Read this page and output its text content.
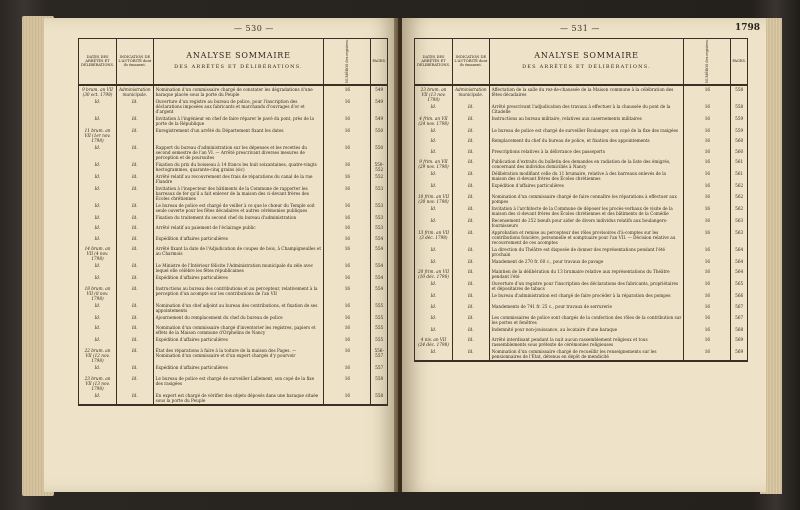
— 530 —
DATES DES ARRÊTÉS ET DÉLIBÉRATIONS.	INDICATION DE L'AUTORITÉ dont ils émanent.	ANALYSE SOMMAIRE
DES ARRÊTÉS ET DÉLIBÉRATIONS.	NUMÉROS des registres.	PAGES.
9 brum. an VII (30 oct. 1798)	Administration municipale.	Nomination d'un commissaire chargé de constater les dégradations d'une baraque placée sous la porte du Peuple	16	549
Id.	Id.	Ouverture d'un registre au bureau de police, pour l'inscription des déclarations imposées aux fabricants et marchands d'ouvrages d'or et d'argent	16	549
Id.	Id.	Invitation à l'ingénieur en chef de faire réparer le pavé du pont, près de la porte de la République	16	549
11 brum. an VII (1er nov. 1798)	Id.	Enregistrement d'un arrêté du Département fixant les dates	16	550
Id.	Id.	Rapport du bureau d'administration sur les dépenses et les recettes du second semestre de l'an VI. — Arrêté prescrivant diverses mesures de perception et de poursuites	16	550
Id.	Id.	Fixation du prix du boisseau à 14 francs les huit soixantaines, quatre-vingts hectogrammes, quarante-cinq grains (sic)	16	550-552
Id.	Id.	Arrêté relatif au recouvrement des frais de réparations du canal de la rue Flandre	16	552
Id.	Id.	Invitation à l'inspecteur des bâtiments de la Commune de rapporter les barreaux de fer qu'il a fait enlever de la maison des ci-devant frères des Écoles chrétiennes	16	553
Id.	Id.	Le bureau de police est chargé de veiller à ce que le chœur du Temple soit seule ouverte pour les fêtes décadaires et autres cérémonies publiques	16	553
Id.	Id.	Fixation du traitement du second chef du bureau d'administration	16	553
Id.	Id.	Arrêté relatif au paiement de l'éclairage public	16	553
Id.	Id.	Expédition d'affaires particulières	16	554
14 brum. an VII (4 nov. 1798)	Id.	Arrêté fixant la date de l'Adjudication de coupes de bois, à Champigneulles et au Charmois	16	554
Id.	Id.	Le Ministre de l'Intérieur félicite l'Administration municipale du zèle avec lequel elle célèbre les fêtes républicaines	16	554
Id.	Id.	Expédition d'affaires particulières	16	554
18 brum. an VII (8 nov. 1798)	Id.	Instructions au bureau des contributions et au percepteur, relativement à la perception d'un acompte sur les contributions de l'an VII	16	554
Id.	Id.	Nomination d'un chef adjoint au bureau des contributions, et fixation de ses appointements	16	555
Id.	Id.	Ajournement du remplacement du chef du bureau de police	16	555
Id.	Id.	Nomination d'un commissaire chargé d'inventorier les registres, papiers et effets de la Maison commune d'Orphelins de Nancy	16	555
Id.	Id.	Expédition d'affaires particulières	16	555
22 brum. an VII (12 nov. 1798)	Id.	État des réparations à faire à la toiture de la maison des Pages. — Nomination d'un commissaire et d'un expert chargés d'y pourvoir	16	556-557
Id.	Id.	Expédition d'affaires particulières	16	557
23 brum. an VII (13 nov. 1798)	Id.	Le bureau de police est chargé de surveiller Lallement, son copé de la fixe des rasigées	16	558
Id.	Id.	En expert est chargé de vérifier des objets déposés dans une baraque située sous la porte du Peuple	16	558
— 531 —	1798
DATES DES ARRÊTÉS ET DÉLIBÉRATIONS.	INDICATION DE L'AUTORITÉ dont ils émanent.	ANALYSE SOMMAIRE
DES ARRÊTÉS ET DÉLIBÉRATIONS.	NUMÉROS des registres.	PAGES.
23 brum. an VII (13 nov. 1798)	Administration municipale.	Affectation de la salle du rez-de-chaussée de la Maison commune à la célébration des fêtes décadaires	16	558
Id.	Id.	Arrêté prescrivant l'adjudication des travaux à effectuer à la chaussée du pont de la Citadelle	16	558
4 frim. an VII (24 nov. 1798)	Id.	Instructions au bureau militaire, relatives aux casernements militaires	16	559
Id.	Id.	Le bureau de police est chargé de surveiller Boulanger, son copé de la fixe des rasigées	16	559
Id.	Id.	Remplacement du chef du bureau de police, et fixation des appointements	16	560
Id.	Id.	Prescriptions relatives à la délivrance des passeports	16	560
9 frim. an VII (29 nov. 1798)	Id.	Publication d'extraits du bulletin des demandes en radiation de la liste des émigrés, concernant des individus domiciliés à Nancy	16	561
Id.	Id.	Délibération modifiant celle du 11 brumaire, relative à des barreaux enlevés de la maison des ci-devant frères des Écoles chrétiennes	16	561
Id.	Id.	Expédition d'affaires particulières	16	562
10 frim. an VII (30 nov. 1798)	Id.	Nomination d'un commissaire chargé de faire connaître les réparations à effectuer aux pompes	16	562
Id.	Id.	Invitation à l'architecte de la Commune de déposer les procès-verbaux de visite de la maison des ci-devant frères des Écoles chrétiennes et des bâtiments de la Comédie	16	562
Id.	Id.	Recensement de 252 bœufs pour aider de divers individus relatifs aux boulangers-fournisseurs	16	563
13 frim. an VII (3 déc. 1798)	Id.	Approbation et remise au percepteur des rôles provisoires d'à-comptes sur les contributions foncière, personnelle et somptuaire pour l'an VII. — Décision relative au recouvrement de ces acomptes	16	563
Id.	Id.	La direction du Théâtre est disposée de donner des représentations pendant l'été prochain	16	564
Id.	Id.	Mandement de 270 fr. 60 c., pour travaux de pavage	16	564
20 frim. an VII (10 déc. 1798)	Id.	Maintien de la délibération du 13 brumaire relative aux représentations du Théâtre pendant l'été	16	564
Id.	Id.	Ouverture d'un registre pour l'inscription des déclarations des fabricants, propriétaires et dépositaires de tabacs	16	565
Id.	Id.	Le bureau d'administration est chargé de faire procéder à la réparation des pompes	16	566
Id.	Id.	Mandements de 741 fr. 25 c., pour travaux de serrurerie	16	567
Id.	Id.	Les commissaires de police sont chargés de la confection des rôles de la contribution sur les portes et fenêtres	16	567
Id.	Id.	Indemnité pour non-jouissance, au locataire d'une baraque	16	568
4 niv. an VII (24 déc. 1798)	Id.	Arrêté interdisant pendant la nuit aucun rassemblement religieux et tous rassemblements sous prétexte de cérémonies religieuses	16	569
Id.	Id.	Nomination d'un commissaire chargé de recueillir les renseignements sur les pensionnaires de l'État, détenus en dépôt de mendicité	16	569
